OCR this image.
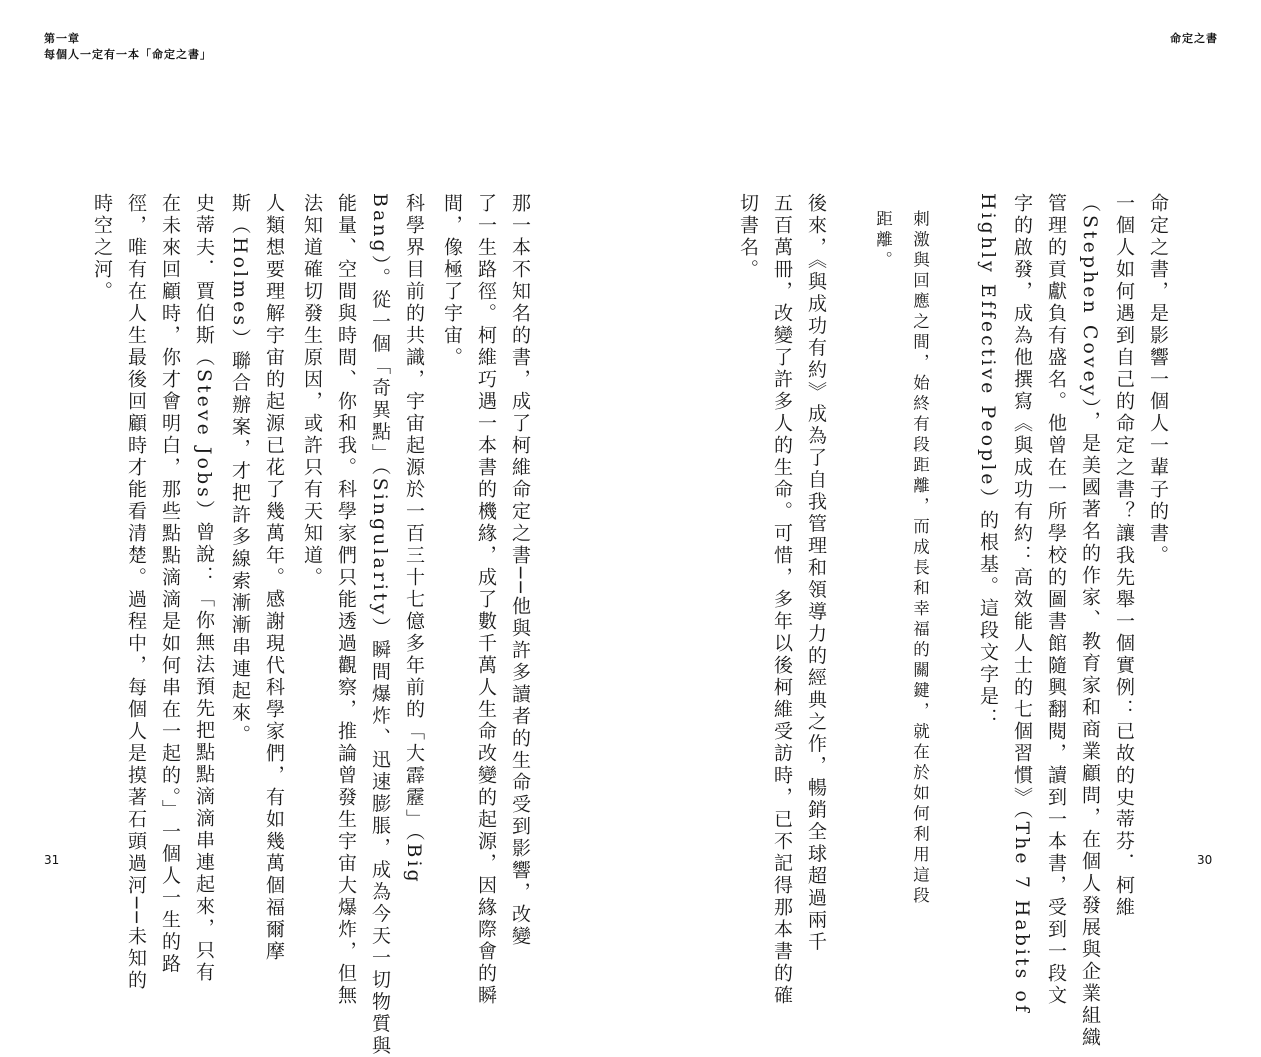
第一章
每個人一定有一本「命定之書」
命定之書
命定之書，是影響一個人一輩子的書。
一個人如何遇到自己的命定之書？讓我先舉一個實例：已故的史蒂芬．柯維
（Stephen Covey），是美國著名的作家、教育家和商業顧問，在個人發展與企業組織
管理的貢獻負有盛名。他曾在一所學校的圖書館隨興翻閱，讀到一本書，受到一段文
字的啟發，成為他撰寫《與成功有約：高效能人士的七個習慣》（The 7 Habits of
Highly Effective People）的根基。這段文字是：
刺激與回應之間，始終有段距離，而成長和幸福的關鍵，就在於如何利用這段
距離。
後來，《與成功有約》成為了自我管理和領導力的經典之作，暢銷全球超過兩千
五百萬冊，改變了許多人的生命。可惜，多年以後柯維受訪時，已不記得那本書的確
切書名。
那一本不知名的書，成了柯維命定之書──他與許多讀者的生命受到影響，改變
了一生路徑。柯維巧遇一本書的機緣，成了數千萬人生命改變的起源，因緣際會的瞬
間，像極了宇宙。
科學界目前的共識，宇宙起源於一百三十七億多年前的「大霹靂」（Big
Bang）。從一個「奇異點」（Singularity）瞬間爆炸、迅速膨脹，成為今天一切物質與
能量、空間與時間、你和我。科學家們只能透過觀察，推論曾發生宇宙大爆炸，但無
法知道確切發生原因，或許只有天知道。
人類想要理解宇宙的起源已花了幾萬年。感謝現代科學家們，有如幾萬個福爾摩
斯（Holmes）聯合辦案，才把許多線索漸漸串連起來。
史蒂夫．賈伯斯（Steve Jobs）曾說：「你無法預先把點點滴滴串連起來，只有
在未來回顧時，你才會明白，那些點點滴滴是如何串在一起的。」一個人一生的路
徑，唯有在人生最後回顧時才能看清楚。過程中，每個人是摸著石頭過河──未知的
時空之河。
31	30
